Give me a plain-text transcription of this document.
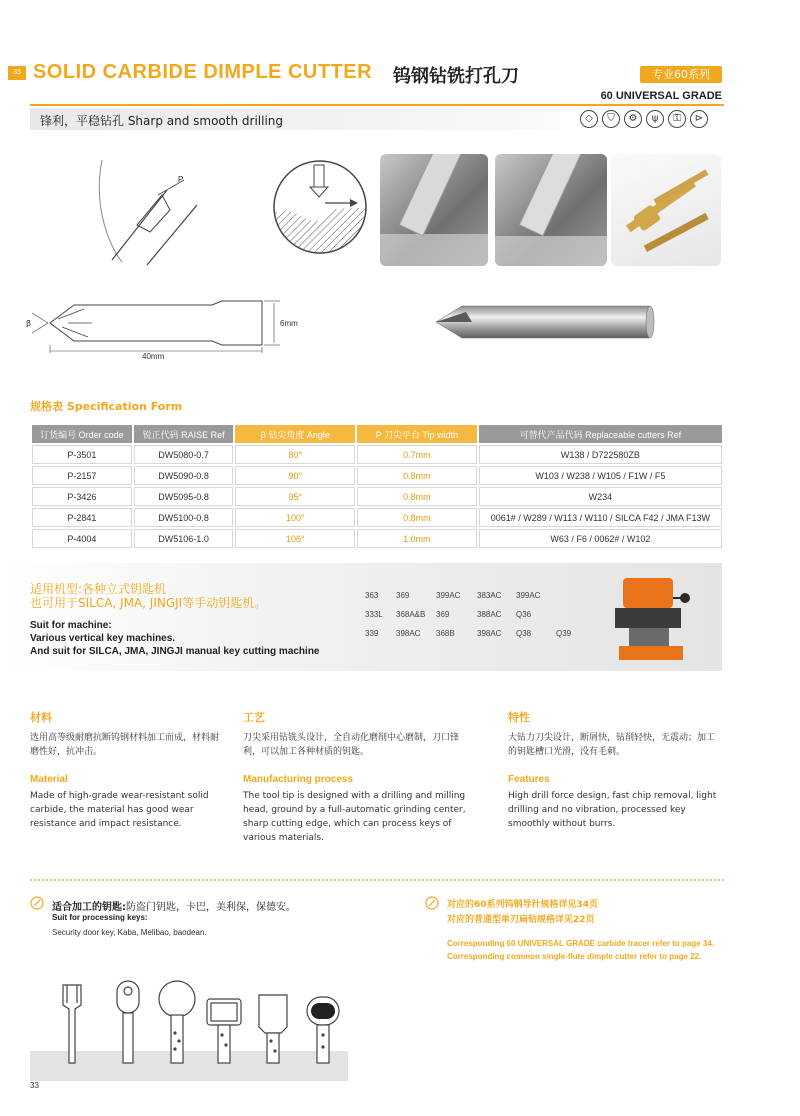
33 SOLID CARBIDE DIMPLE CUTTER 钨钢钻铣打孔刀	专业60系列
60 UNIVERSAL GRADE
锋利，平稳钻孔 Sharp and smooth drilling	◇	⛉	⚙	ψ	⚿	⊳
P
β	6mm
40mm
规格表 Specification Form
订货编号 Order code	锐正代码 RAISE Ref	β 钻尖角度 Angle	P 刀尖平台 Tip width	可替代产品代码 Replaceable cutters Ref
P-3501	DW5080-0.7	80°	0.7mm	W138 / D722580ZB
P-2157	DW5090-0.8	90°	0.8mm	W103 / W238 / W105 / F1W / F5
P-3426	DW5095-0.8	95°	0.8mm	W234
P-2841	DW5100-0.8	100°	0.8mm	0061# / W289 / W113 / W110 / SILCA F42 / JMA F13W
P-4004	DW5106-1.0	106°	1.0mm	W63 / F6 / 0062# / W102
适用机型:各种立式钥匙机
也可用于SILCA, JMA, JINGJI等手动钥匙机。
Suit for machine:
Various vertical key machines.
And suit for SILCA, JMA, JINGJI manual key cutting machine
363	369	399AC	383AC	399AC
333L	368A&B	369	388AC	Q36
339	398AC	368B	398AC	Q38	Q39
材料
选用高等级耐磨抗断钨钢材料加工而成，材料耐磨性好，抗冲击。
Material
Made of high-grade wear-resistant solid carbide, the material has good wear resistance and impact resistance.
工艺
刀尖采用钻铣头设计，全自动化磨削中心磨制，刀口锋利，可以加工各种材质的钥匙。
Manufacturing process
The tool tip is designed with a drilling and milling head, ground by a full-automatic grinding center, sharp cutting edge, which can process keys of various materials.
特性
大钻力刀尖设计，断屑快，钻削轻快，无震动；加工的钥匙槽口光滑，没有毛刺。
Features
High drill force design, fast chip removal, light drilling and no vibration, processed key smoothly without burrs.
适合加工的钥匙:防盗门钥匙，卡巴，美利保，保德安。
Suit for processing keys:
Security door key, Kaba, Melibao, baodean.
对应的60系列钨钢导针规格详见34页
对应的普通型单刃扁钻规格详见22页
Corresponding 60 UNIVERSAL GRADE carbide tracer refer to page 34.
Corresponding common single-flute dimple cutter refer to page 22.
33
